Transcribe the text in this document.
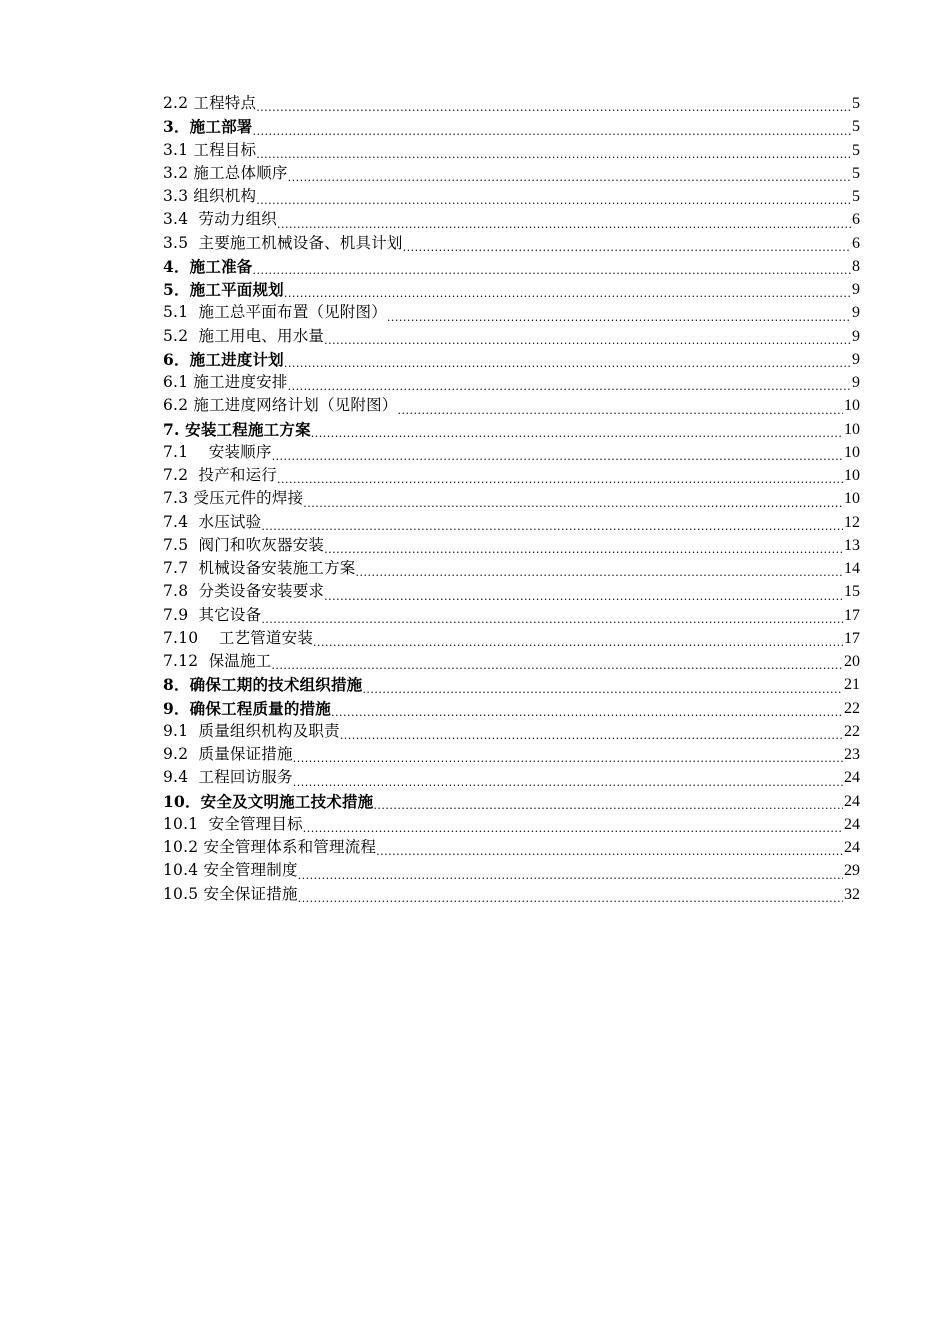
2.2 工程特点 .....	5
3．施工部署 .....	5
3.1 工程目标 .....	5
3.2 施工总体顺序 .....	5
3.3 组织机构 .....	5
3.4  劳动力组织 .....	6
3.5  主要施工机械设备、机具计划 .....	6
4．施工准备 .....	8
5．施工平面规划 .....	9
5.1  施工总平面布置（见附图） .....	9
5.2  施工用电、用水量 .....	9
6．施工进度计划 .....	9
6.1 施工进度安排 .....	9
6.2 施工进度网络计划（见附图） .....	10
7. 安装工程施工方案 .....	10
7.1    安装顺序 .....	10
7.2  投产和运行 .....	10
7.3 受压元件的焊接 .....	10
7.4  水压试验 .....	12
7.5  阀门和吹灰器安装 .....	13
7.7  机械设备安装施工方案 .....	14
7.8  分类设备安装要求 .....	15
7.9  其它设备 .....	17
7.10    工艺管道安装 .....	17
7.12  保温施工 .....	20
8．确保工期的技术组织措施 .....	21
9．确保工程质量的措施 .....	22
9.1  质量组织机构及职责 .....	22
9.2  质量保证措施 .....	23
9.4  工程回访服务 .....	24
10．安全及文明施工技术措施 .....	24
10.1  安全管理目标 .....	24
10.2 安全管理体系和管理流程 .....	24
10.4 安全管理制度 .....	29
10.5 安全保证措施 .....	32
